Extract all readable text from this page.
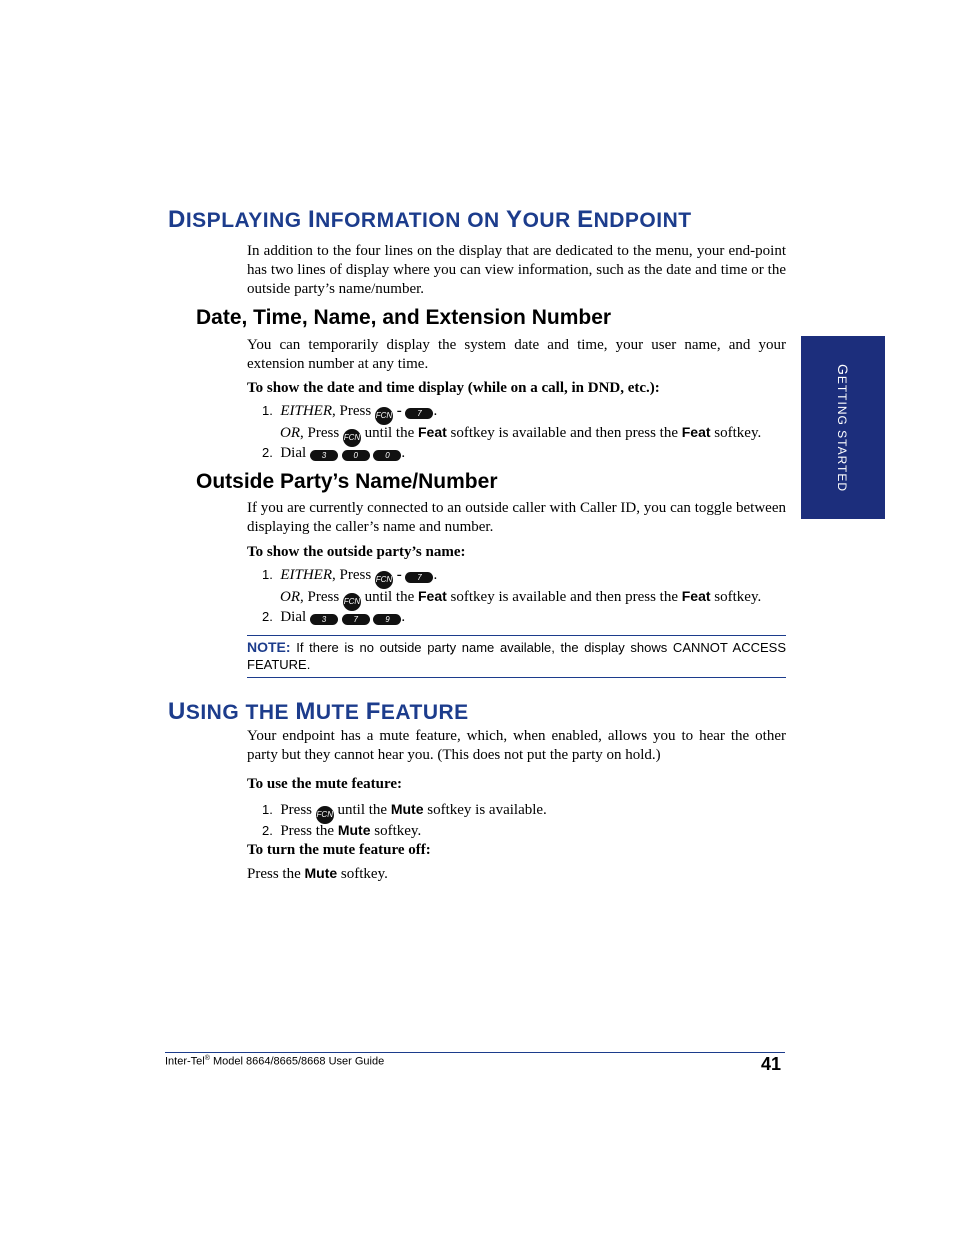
DISPLAYING INFORMATION ON YOUR ENDPOINT
In addition to the four lines on the display that are dedicated to the menu, your end-point has two lines of display where you can view information, such as the date and time or the outside party’s name/number.
Date, Time, Name, and Extension Number
You can temporarily display the system date and time, your user name, and your extension number at any time.
To show the date and time display (while on a call, in DND, etc.):
1. EITHER, Press FCN - 7 .
OR, Press FCN until the Feat softkey is available and then press the Feat softkey.
2. Dial 3	0	0 .
Outside Party’s Name/Number
If you are currently connected to an outside caller with Caller ID, you can toggle between displaying the caller’s name and number.
To show the outside party’s name:
1. EITHER, Press FCN - 7 .
OR, Press FCN until the Feat softkey is available and then press the Feat softkey.
2. Dial 3	7	9 .
NOTE: If there is no outside party name available, the display shows CANNOT ACCESS FEATURE.
USING THE MUTE FEATURE
Your endpoint has a mute feature, which, when enabled, allows you to hear the other party but they cannot hear you. (This does not put the party on hold.)
To use the mute feature:
1. Press FCN until the Mute softkey is available.
2. Press the Mute softkey.
To turn the mute feature off:
Press the Mute softkey.
GETTING STARTED
Inter-Tel® Model 8664/8665/8668 User Guide	41
